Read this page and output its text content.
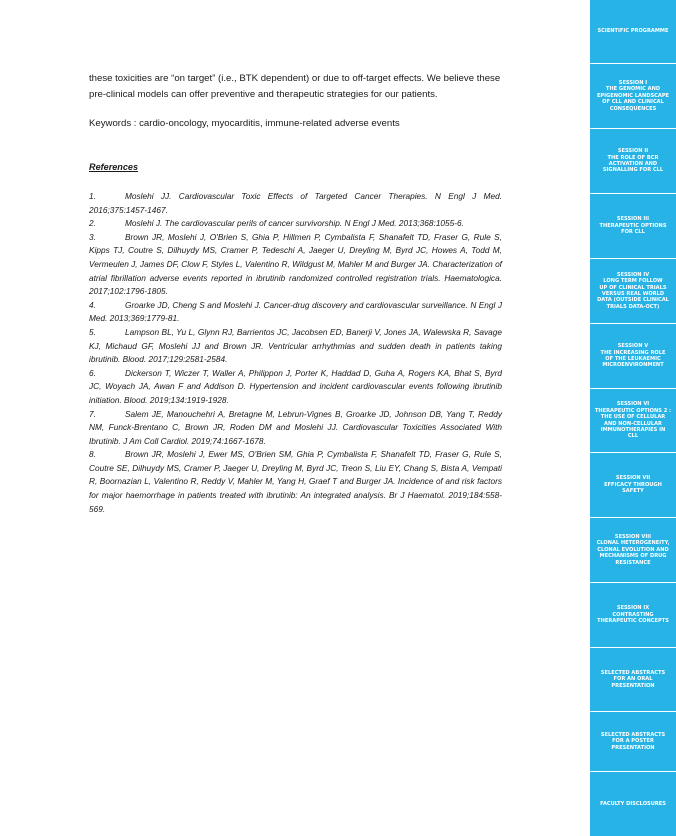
these toxicities are “on target” (i.e., BTK dependent) or due to off-target effects. We believe these pre-clinical models can offer preventive and therapeutic strategies for our patients.

Keywords : cardio-oncology, myocarditis, immune-related adverse events

References

1.	Moslehi JJ. Cardiovascular Toxic Effects of Targeted Cancer Therapies. N Engl J Med. 2016;375:1457-1467.
2.	Moslehi J. The cardiovascular perils of cancer survivorship. N Engl J Med. 2013;368:1055-6.
3.	Brown JR, Moslehi J, O'Brien S, Ghia P, Hillmen P, Cymbalista F, Shanafelt TD, Fraser G, Rule S, Kipps TJ, Coutre S, Dilhuydy MS, Cramer P, Tedeschi A, Jaeger U, Dreyling M, Byrd JC, Howes A, Todd M, Vermeulen J, James DF, Clow F, Styles L, Valentino R, Wildgust M, Mahler M and Burger JA. Characterization of atrial fibrillation adverse events reported in ibrutinib randomized controlled registration trials. Haematologica. 2017;102:1796-1805.
4.	Groarke JD, Cheng S and Moslehi J. Cancer-drug discovery and cardiovascular surveillance. N Engl J Med. 2013;369:1779-81.
5.	Lampson BL, Yu L, Glynn RJ, Barrientos JC, Jacobsen ED, Banerji V, Jones JA, Walewska R, Savage KJ, Michaud GF, Moslehi JJ and Brown JR. Ventricular arrhythmias and sudden death in patients taking ibrutinib. Blood. 2017;129:2581-2584.
6.	Dickerson T, Wiczer T, Waller A, Philippon J, Porter K, Haddad D, Guha A, Rogers KA, Bhat S, Byrd JC, Woyach JA, Awan F and Addison D. Hypertension and incident cardiovascular events following ibrutinib initiation. Blood. 2019;134:1919-1928.
7.	Salem JE, Manouchehri A, Bretagne M, Lebrun-Vignes B, Groarke JD, Johnson DB, Yang T, Reddy NM, Funck-Brentano C, Brown JR, Roden DM and Moslehi JJ. Cardiovascular Toxicities Associated With Ibrutinib. J Am Coll Cardiol. 2019;74:1667-1678.
8.	Brown JR, Moslehi J, Ewer MS, O'Brien SM, Ghia P, Cymbalista F, Shanafelt TD, Fraser G, Rule S, Coutre SE, Dilhuydy MS, Cramer P, Jaeger U, Dreyling M, Byrd JC, Treon S, Liu EY, Chang S, Bista A, Vempati R, Boornazian L, Valentino R, Reddy V, Mahler M, Yang H, Graef T and Burger JA. Incidence of and risk factors for major haemorrhage in patients treated with ibrutinib: An integrated analysis. Br J Haematol. 2019;184:558-569.
SCIENTIFIC PROGRAMME
SESSION I
THE GENOMIC AND
EPIGENOMIC LANDSCAPE
OF CLL AND CLINICAL
CONSEQUENCES
SESSION II
THE ROLE OF BCR
ACTIVATION AND
SIGNALLING FOR CLL
SESSION III
THERAPEUTIC OPTIONS
FOR CLL
SESSION IV
LONG TERM FOLLOW
UP OF CLINICAL TRIALS
VERSUS REAL WORLD
DATA (OUTSIDE CLINICAL
TRIALS DATA-OCT)
SESSION V
THE INCREASING ROLE
OF THE LEUKAEMIC
MICROENVIRONMENT
SESSION VI
THERAPEUTIC OPTIONS 2 :
THE USE OF CELLULAR
AND NON-CELLULAR
IMMUNOTHERAPIES IN
CLL
SESSION VII
EFFICACY THROUGH
SAFETY
SESSION VIII
CLONAL HETEROGENEITY,
CLONAL EVOLUTION AND
MECHANISMS OF DRUG
RESISTANCE
SESSION IX
CONTRASTING
THERAPEUTIC CONCEPTS
SELECTED ABSTRACTS
FOR AN ORAL
PRESENTATION
SELECTED ABSTRACTS
FOR A POSTER
PRESENTATION
FACULTY DISCLOSURES
